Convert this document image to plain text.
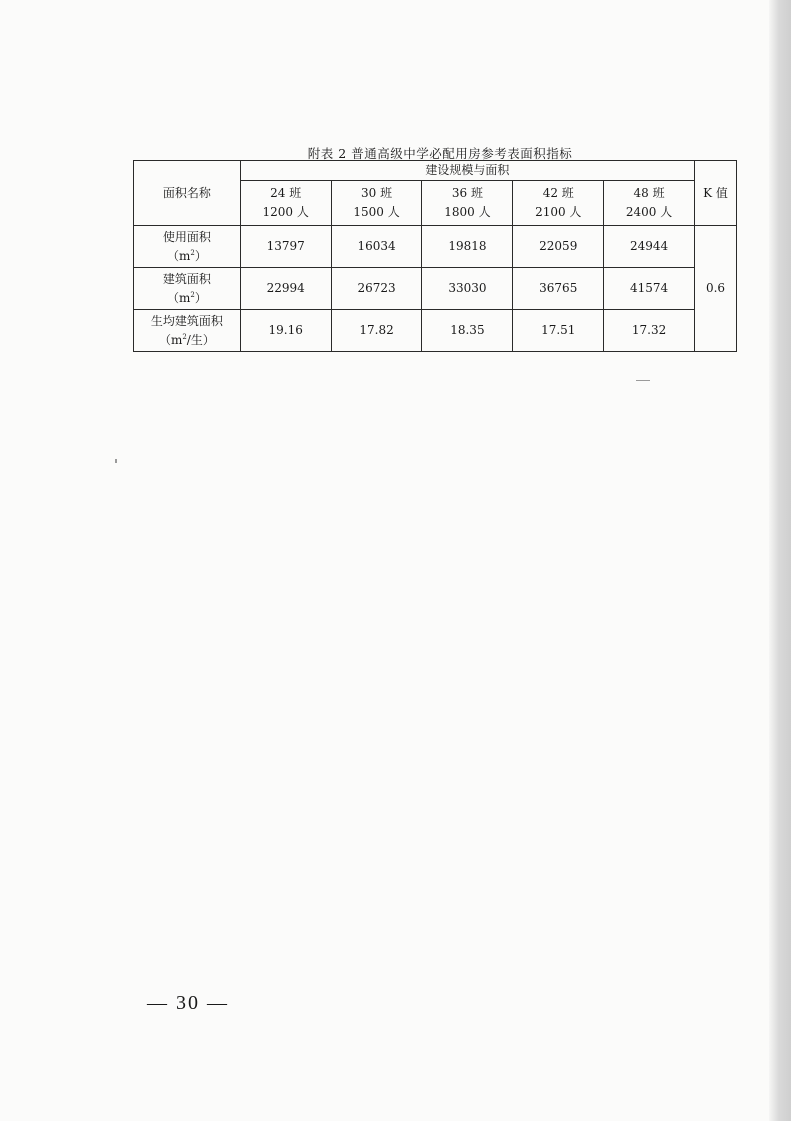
附表 2 普通高级中学必配用房参考表面积指标
面积名称	建设规模与面积					K 值

	24 班
1200 人	30 班
1500 人	36 班
1800 人	42 班
2100 人	48 班
2400 人	

使用面积
$(m^2)$	13797	16034	19818	22059	24944	0.6

建筑面积
$(m^2)$	22994	26723	33030	36765	41574	

生均建筑面积
（$m^2/$生）	19.16	17.82	18.35	17.51	17.32	
— 30 —
